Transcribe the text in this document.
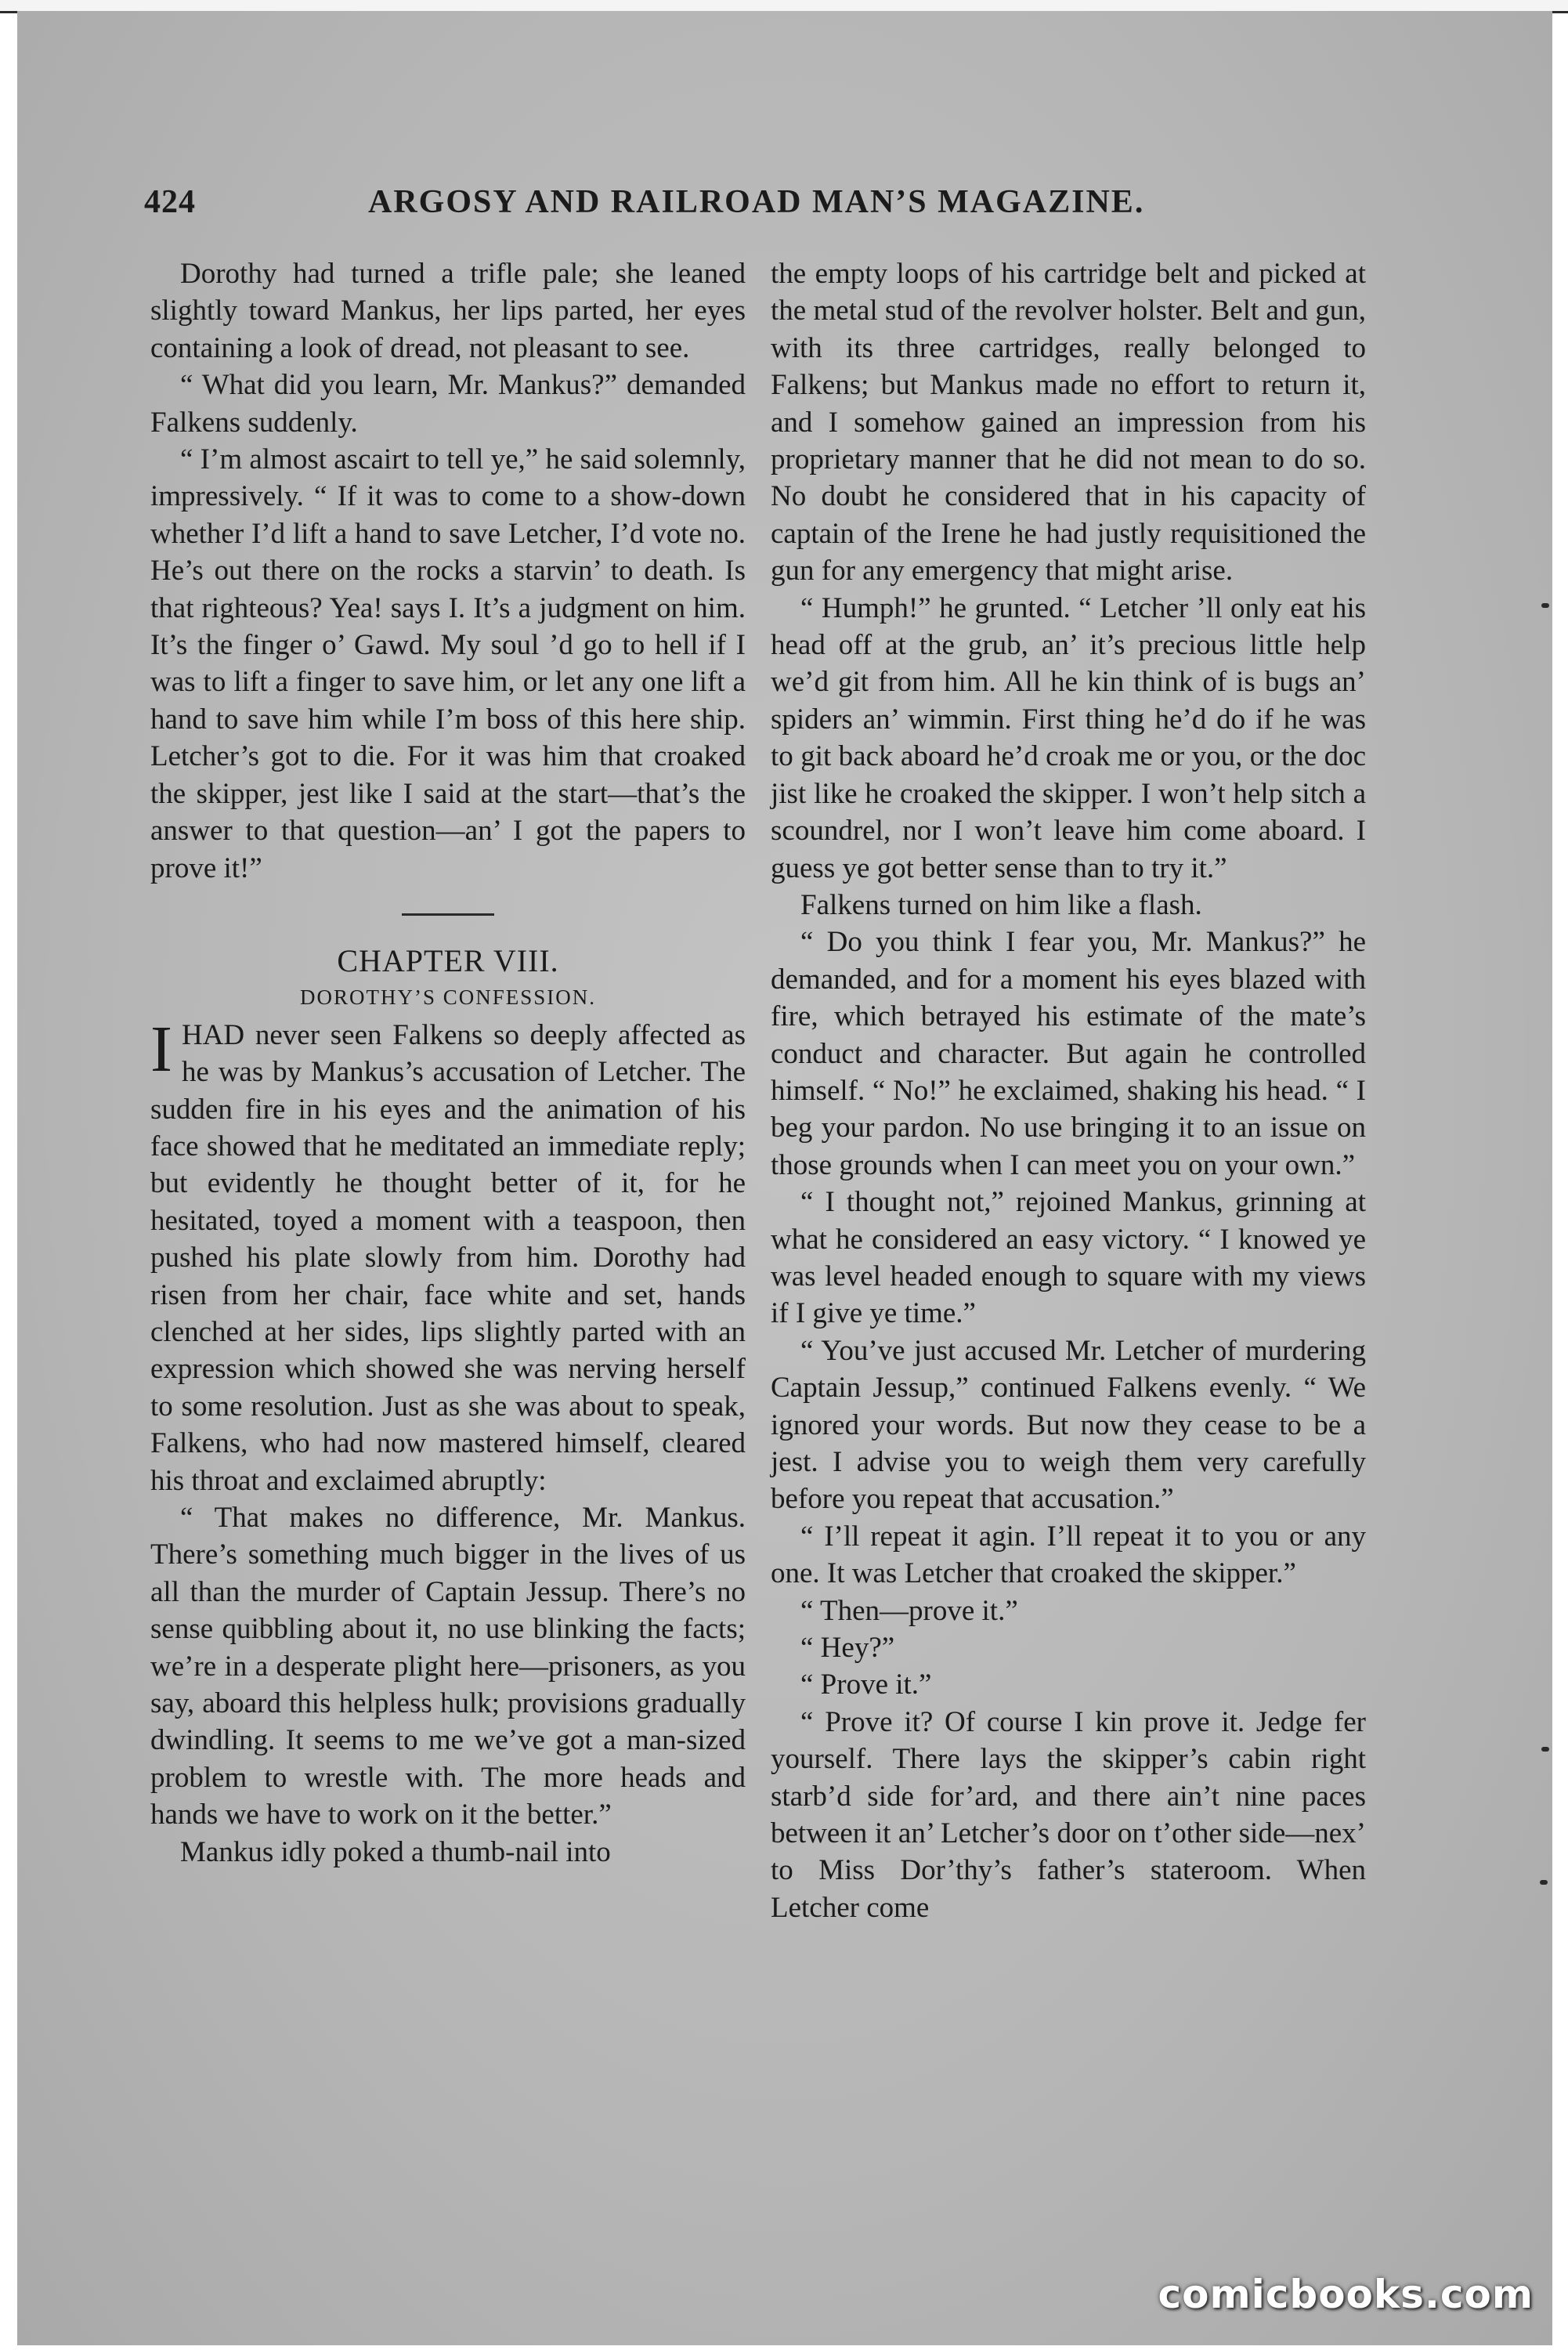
424	ARGOSY AND RAILROAD MAN’S MAGAZINE.

Dorothy had turned a trifle pale; she leaned slightly toward Mankus, her lips parted, her eyes containing a look of dread, not pleasant to see.

“ What did you learn, Mr. Mankus?” demanded Falkens suddenly.

“ I’m almost ascairt to tell ye,” he said solemnly, impressively. “ If it was to come to a show-down whether I’d lift a hand to save Letcher, I’d vote no. He’s out there on the rocks a starvin’ to death. Is that righteous? Yea! says I. It’s a judgment on him. It’s the finger o’ Gawd. My soul ’d go to hell if I was to lift a finger to save him, or let any one lift a hand to save him while I’m boss of this here ship. Letcher’s got to die. For it was him that croaked the skipper, jest like I said at the start—that’s the answer to that question—an’ I got the papers to prove it!”

CHAPTER VIII.

DOROTHY’S CONFESSION.

IHAD never seen Falkens so deeply affected as he was by Mankus’s accusation of Letcher. The sudden fire in his eyes and the animation of his face showed that he meditated an immediate reply; but evidently he thought better of it, for he hesitated, toyed a moment with a teaspoon, then pushed his plate slowly from him. Dorothy had risen from her chair, face white and set, hands clenched at her sides, lips slightly parted with an expression which showed she was nerving herself to some resolution. Just as she was about to speak, Falkens, who had now mastered himself, cleared his throat and exclaimed abruptly:

“ That makes no difference, Mr. Mankus. There’s something much bigger in the lives of us all than the murder of Captain Jessup. There’s no sense quibbling about it, no use blinking the facts; we’re in a desperate plight here—prisoners, as you say, aboard this helpless hulk; provisions gradually dwindling. It seems to me we’ve got a man-sized problem to wrestle with. The more heads and hands we have to work on it the better.”

Mankus idly poked a thumb-nail into

the empty loops of his cartridge belt and picked at the metal stud of the revolver holster. Belt and gun, with its three cartridges, really belonged to Falkens; but Mankus made no effort to return it, and I somehow gained an impression from his proprietary manner that he did not mean to do so. No doubt he considered that in his capacity of captain of the Irene he had justly requisitioned the gun for any emergency that might arise.

“ Humph!” he grunted. “ Letcher ’ll only eat his head off at the grub, an’ it’s precious little help we’d git from him. All he kin think of is bugs an’ spiders an’ wimmin. First thing he’d do if he was to git back aboard he’d croak me or you, or the doc jist like he croaked the skipper. I won’t help sitch a scoundrel, nor I won’t leave him come aboard. I guess ye got better sense than to try it.”

Falkens turned on him like a flash.

“ Do you think I fear you, Mr. Mankus?” he demanded, and for a moment his eyes blazed with fire, which betrayed his estimate of the mate’s conduct and character. But again he controlled himself. “ No!” he exclaimed, shaking his head. “ I beg your pardon. No use bringing it to an issue on those grounds when I can meet you on your own.”

“ I thought not,” rejoined Mankus, grinning at what he considered an easy victory. “ I knowed ye was level headed enough to square with my views if I give ye time.”

“ You’ve just accused Mr. Letcher of murdering Captain Jessup,” continued Falkens evenly. “ We ignored your words. But now they cease to be a jest. I advise you to weigh them very carefully before you repeat that accusation.”

“ I’ll repeat it agin. I’ll repeat it to you or any one. It was Letcher that croaked the skipper.”

“ Then—prove it.”

“ Hey?”

“ Prove it.”

“ Prove it? Of course I kin prove it. Jedge fer yourself. There lays the skipper’s cabin right starb’d side for’ard, and there ain’t nine paces between it an’ Letcher’s door on t’other side—nex’ to Miss Dor’thy’s father’s stateroom. When Letcher come

comicbooks.com
